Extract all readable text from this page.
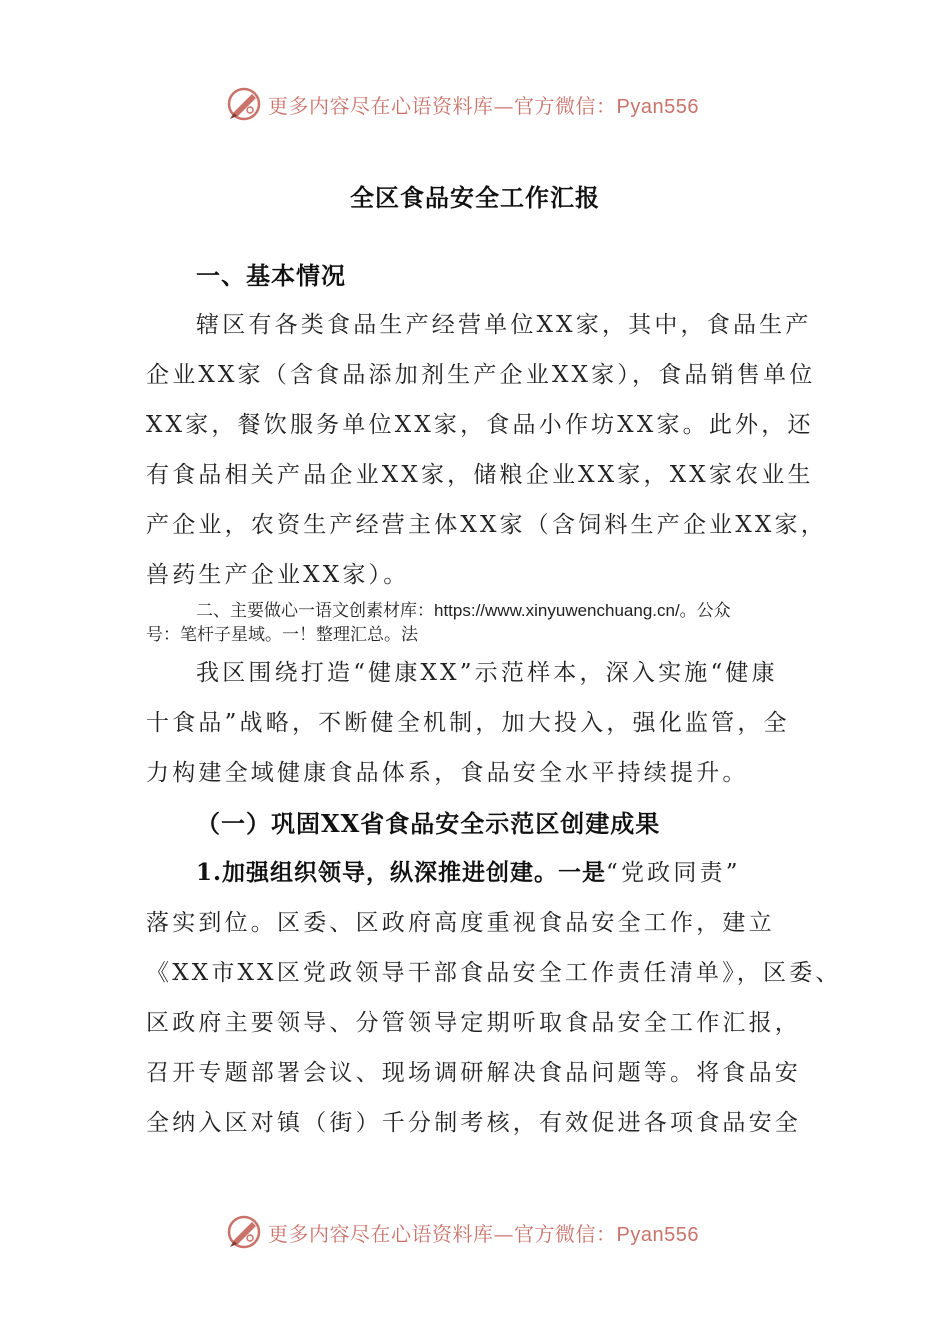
更多内容尽在心语资料库—官方微信：Pyan556
全区食品安全工作汇报
一、基本情况
辖区有各类食品生产经营单位XX家，其中，食品生产
企业XX家（含食品添加剂生产企业XX家），食品销售单位
XX家，餐饮服务单位XX家，食品小作坊XX家。此外，还
有食品相关产品企业XX家，储粮企业XX家，XX家农业生
产企业，农资生产经营主体XX家（含饲料生产企业XX家，
兽药生产企业XX家）。
二、主要做心一语文创素材库：https://www.xinyuwenchuang.cn/。公众
号：笔杆子星域。一！整理汇总。法
我区围绕打造“健康XX”示范样本，深入实施“健康
十食品”战略，不断健全机制，加大投入，强化监管，全
力构建全域健康食品体系，食品安全水平持续提升。
（一）巩固XX省食品安全示范区创建成果
1.加强组织领导，纵深推进创建。一是“党政同责”
落实到位。区委、区政府高度重视食品安全工作，建立
《XX市XX区党政领导干部食品安全工作责任清单》，区委、
区政府主要领导、分管领导定期听取食品安全工作汇报，
召开专题部署会议、现场调研解决食品问题等。将食品安
全纳入区对镇（街）千分制考核，有效促进各项食品安全
更多内容尽在心语资料库—官方微信：Pyan556
